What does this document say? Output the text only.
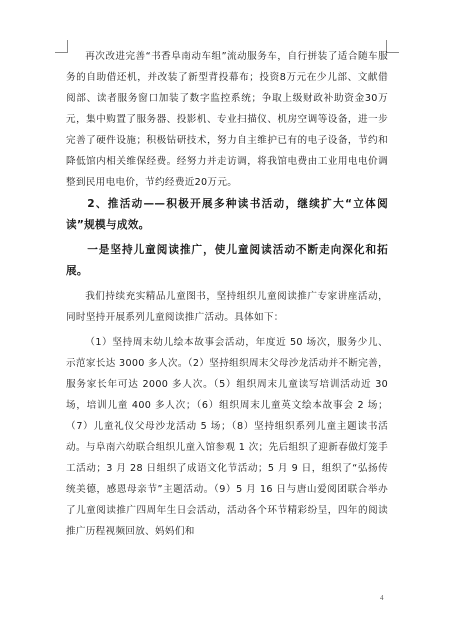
再次改进完善“书香阜南动车组”流动服务车，自行拼装了适合随车服务的自助借还机，并改装了新型背投幕布；投资8万元在少儿部、文献借阅部、读者服务窗口加装了数字监控系统；争取上级财政补助资金30万元，集中购置了服务器、投影机、专业扫描仪、机房空调等设备，进一步完善了硬件设施；积极钻研技术，努力自主维护已有的电子设备，节约和降低馆内相关维保经费。经努力并走访调，将我馆电费由工业用电电价调整到民用电电价，节约经费近20万元。

2、推活动——积极开展多种读书活动，继续扩大“立体阅读”规模与成效。

一是坚持儿童阅读推广，使儿童阅读活动不断走向深化和拓展。

我们持续充实精品儿童图书，坚持组织儿童阅读推广专家讲座活动，同时坚持开展系列儿童阅读推广活动。具体如下：

（1）坚持周末幼儿绘本故事会活动，年度近 50 场次，服务少儿、示范家长达 3000 多人次。（2）坚持组织周末父母沙龙活动并不断完善，服务家长年可达 2000 多人次。（5）组织周末儿童读写培训活动近 30 场，培训儿童 400 多人次；（6）组织周末儿童英文绘本故事会 2 场；（7）儿童礼仪父母沙龙活动 5 场；（8）坚持组织系列儿童主题读书活动。与阜南六幼联合组织儿童入馆参观 1 次；先后组织了迎新春做灯笼手工活动；3 月 28 日组织了成语文化节活动；5 月 9 日，组织了“弘扬传统美德，感恩母亲节”主题活动。（9）5 月 16 日与唐山爱阅团联合举办了儿童阅读推广四周年生日会活动，活动各个环节精彩纷呈，四年的阅读推广历程视频回放、妈妈们和

4
